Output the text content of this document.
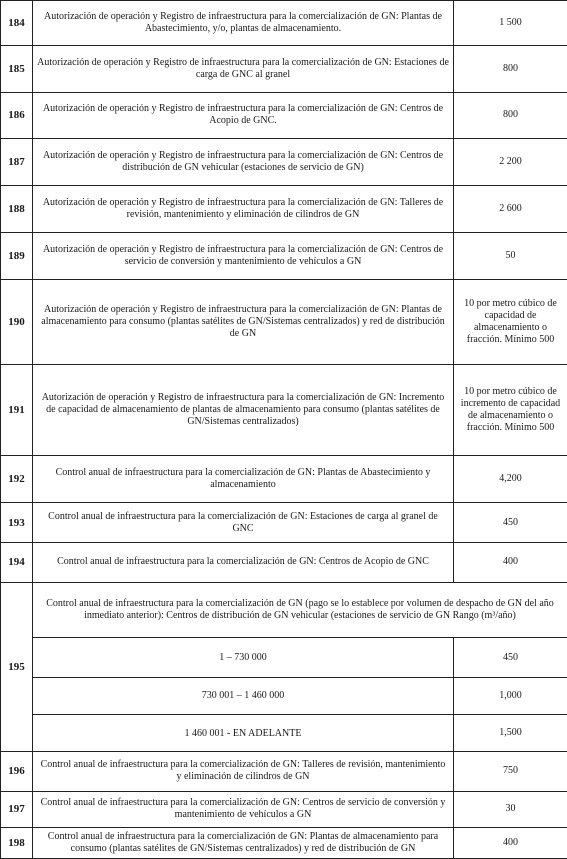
184	Autorización de operación y Registro de infraestructura para la comercialización de GN: Plantas de Abastecimiento, y/o, plantas de almacenamiento.	1 500
185	Autorización de operación y Registro de infraestructura para la comercialización de GN: Estaciones de carga de GNC al granel	800
186	Autorización de operación y Registro de infraestructura para la comercialización de GN: Centros de Acopio de GNC.	800
187	Autorización de operación y Registro de infraestructura para la comercialización de GN: Centros de distribución de GN vehicular (estaciones de servicio de GN)	2 200
188	Autorización de operación y Registro de infraestructura para la comercialización de GN: Talleres de revisión, mantenimiento y eliminación de cilindros de GN	2 600
189	Autorización de operación y Registro de infraestructura para la comercialización de GN: Centros de servicio de conversión y mantenimiento de vehículos a GN	50
190	Autorización de operación y Registro de infraestructura para la comercialización de GN: Plantas de almacenamiento para consumo (plantas satélites de GN/Sistemas centralizados) y red de distribución de GN	10 por metro cúbico de capacidad de almacenamiento o fracción. Mínimo 500
191	Autorización de operación y Registro de infraestructura para la comercialización de GN: Incremento de capacidad de almacenamiento de plantas de almacenamiento para consumo (plantas satélites de GN/Sistemas centralizados)	10 por metro cúbico de incremento de capacidad de almacenamiento o fracción. Mínimo 500
192	Control anual de infraestructura para la comercialización de GN: Plantas de Abastecimiento y almacenamiento	4,200
193	Control anual de infraestructura para la comercialización de GN: Estaciones de carga al granel de GNC	450
194	Control anual de infraestructura para la comercialización de GN: Centros de Acopio de GNC	400
195	Control anual de infraestructura para la comercialización de GN (pago se lo establece por volumen de despacho de GN del año inmediato anterior): Centros de distribución de GN vehicular (estaciones de servicio de GN Rango (m³/año)	
	1 – 730 000	450
	730 001 – 1 460 000	1,000
	1 460 001 - EN ADELANTE	1,500
196	Control anual de infraestructura para la comercialización de GN: Talleres de revisión, mantenimiento y eliminación de cilindros de GN	750
197	Control anual de infraestructura para la comercialización de GN: Centros de servicio de conversión y mantenimiento de vehículos a GN	30
198	Control anual de infraestructura para la comercialización de GN: Plantas de almacenamiento para consumo (plantas satélites de GN/Sistemas centralizados) y red de distribución de GN	400
